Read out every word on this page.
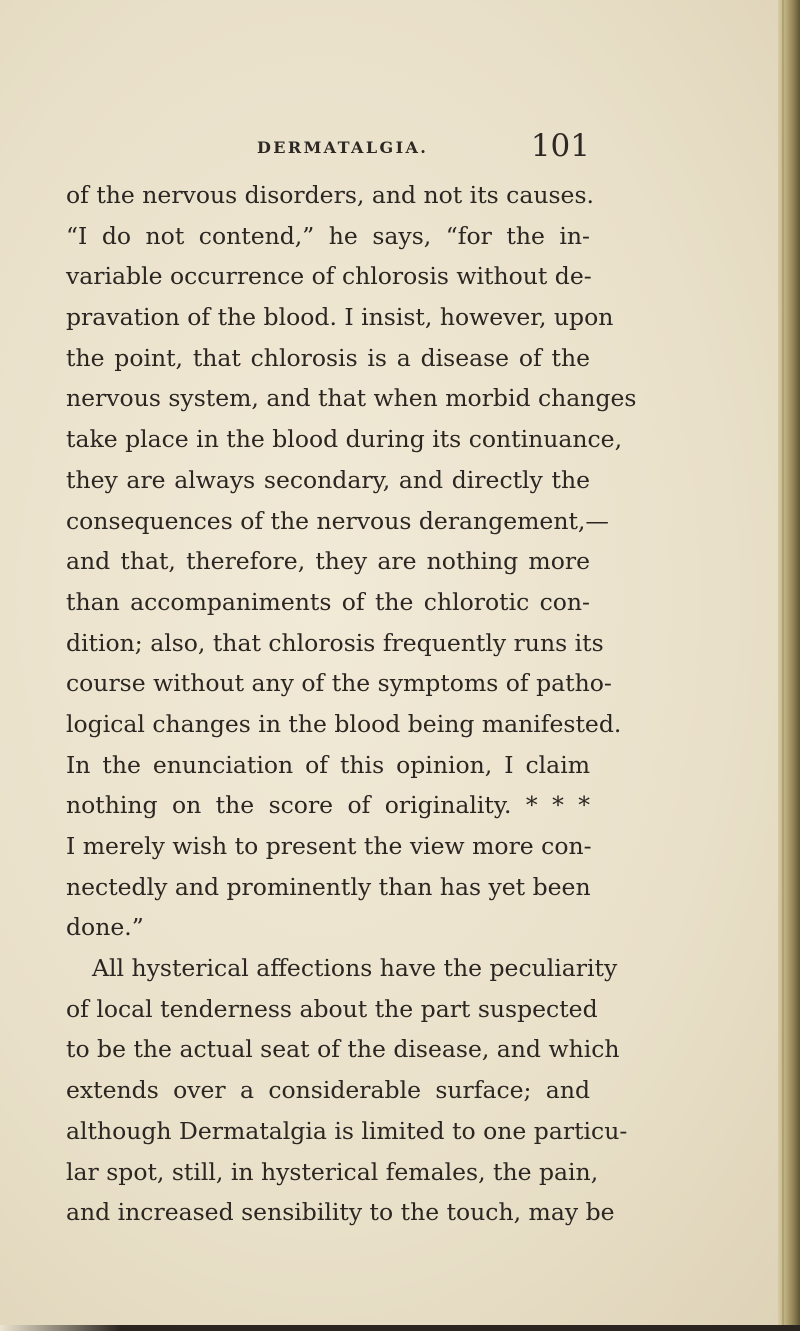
DERMATALGIA.	101
of the nervous disorders, and not its causes.
“I do not contend,” he says, “for the in-
variable occurrence of chlorosis without de-
pravation of the blood. I insist, however, upon
the point, that chlorosis is a disease of the
nervous system, and that when morbid changes
take place in the blood during its continuance,
they are always secondary, and directly the
consequences of the nervous derangement,—
and that, therefore, they are nothing more
than accompaniments of the chlorotic con-
dition; also, that chlorosis frequently runs its
course without any of the symptoms of patho-
logical changes in the blood being manifested.
In the enunciation of this opinion, I claim
nothing on the score of originality. * * *
I merely wish to present the view more con-
nectedly and prominently than has yet been
done.”
All hysterical affections have the peculiarity
of local tenderness about the part suspected
to be the actual seat of the disease, and which
extends over a considerable surface; and
although Dermatalgia is limited to one particu-
lar spot, still, in hysterical females, the pain,
and increased sensibility to the touch, may be
